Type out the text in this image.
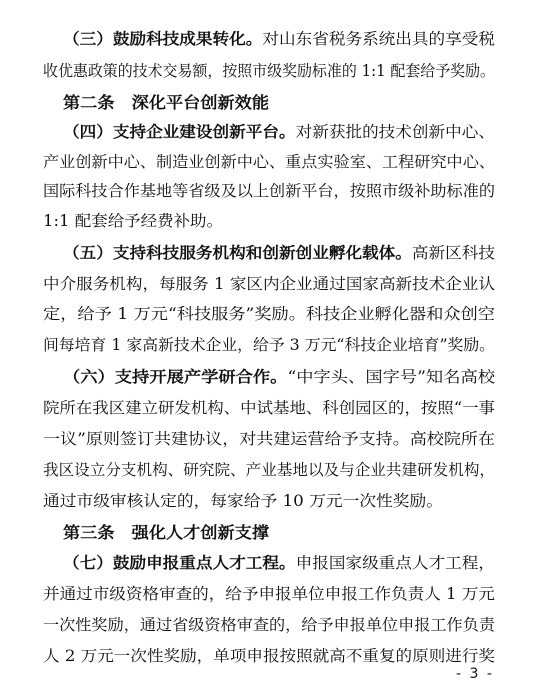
（三）鼓励科技成果转化。对山东省税务系统出具的享受税
收优惠政策的技术交易额，按照市级奖励标准的 1:1 配套给予奖励。
第二条　深化平台创新效能
（四）支持企业建设创新平台。对新获批的技术创新中心、
产业创新中心、制造业创新中心、重点实验室、工程研究中心、
国际科技合作基地等省级及以上创新平台，按照市级补助标准的
1:1 配套给予经费补助。
（五）支持科技服务机构和创新创业孵化载体。高新区科技
中介服务机构，每服务 1 家区内企业通过国家高新技术企业认
定，给予 1 万元“科技服务”奖励。科技企业孵化器和众创空
间每培育 1 家高新技术企业，给予 3 万元“科技企业培育”奖励。
（六）支持开展产学研合作。“中字头、国字号”知名高校
院所在我区建立研发机构、中试基地、科创园区的，按照“一事
一议”原则签订共建协议，对共建运营给予支持。高校院所在
我区设立分支机构、研究院、产业基地以及与企业共建研发机构，
通过市级审核认定的，每家给予 10 万元一次性奖励。
第三条　强化人才创新支撑
（七）鼓励申报重点人才工程。申报国家级重点人才工程，
并通过市级资格审查的，给予申报单位申报工作负责人 1 万元
一次性奖励，通过省级资格审查的，给予申报单位申报工作负责
人 2 万元一次性奖励，单项申报按照就高不重复的原则进行奖
- 3 -
